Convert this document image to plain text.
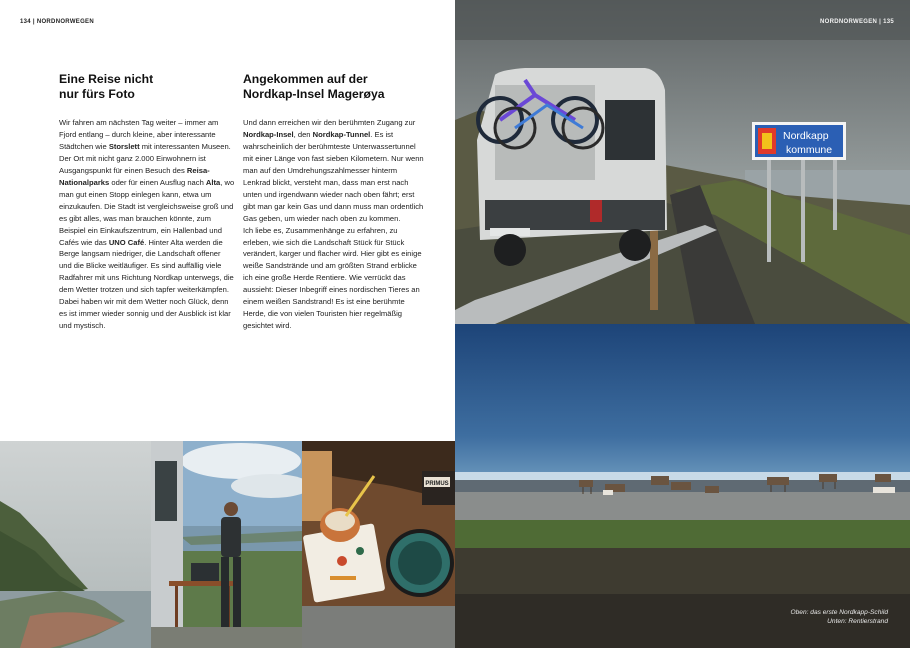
134 | NORDNORWEGEN
Eine Reise nicht
nur fürs Foto

Wir fahren am nächsten Tag weiter – immer am Fjord entlang – durch kleine, aber interessante Städtchen wie Storslett mit interessanten Museen. Der Ort mit nicht ganz 2.000 Einwohnern ist Ausgangspunkt für einen Besuch des Reisa-Nationalparks oder für einen Ausflug nach Alta, wo man gut einen Stopp einlegen kann, etwa um einzukaufen. Die Stadt ist vergleichsweise groß und es gibt alles, was man brauchen könnte, zum Beispiel ein Einkaufszentrum, ein Hallenbad und Cafés wie das UNO Café. Hinter Alta werden die Berge langsam niedriger, die Landschaft offener und die Blicke weitläufiger. Es sind auffällig viele Radfahrer mit uns Richtung Nordkap unterwegs, die dem Wetter trotzen und sich tapfer weiterkämpfen. Dabei haben wir mit dem Wetter noch Glück, denn es ist immer wieder sonnig und der Ausblick ist klar und mystisch.

Angekommen auf der
Nordkap-Insel Magerøya

Und dann erreichen wir den berühmten Zugang zur Nordkap-Insel, den Nordkap-Tunnel. Es ist wahrscheinlich der berühmteste Unterwassertunnel mit einer Länge von fast sieben Kilometern. Nur wenn man auf den Umdrehungszahlmesser hinterm Lenkrad blickt, versteht man, dass man erst nach unten und irgendwann wieder nach oben fährt; erst gibt man gar kein Gas und dann muss man ordentlich Gas geben, um wieder nach oben zu kommen.
Ich liebe es, Zusammenhänge zu erfahren, zu erleben, wie sich die Landschaft Stück für Stück verändert, karger und flacher wird. Hier gibt es einige weiße Sandstrände und am größten Strand erblicke ich eine große Herde Rentiere. Wie verrückt das aussieht: Dieser Inbegriff eines nordischen Tieres an einem weißen Sandstrand! Es ist eine berühmte Herde, die von vielen Touristen hier regelmäßig gesichtet wird.

PRIMUS
Nordkapp
kommune
Oben: das erste Nordkapp-Schild
Unten: Rentierstrand
NORDNORWEGEN | 135
